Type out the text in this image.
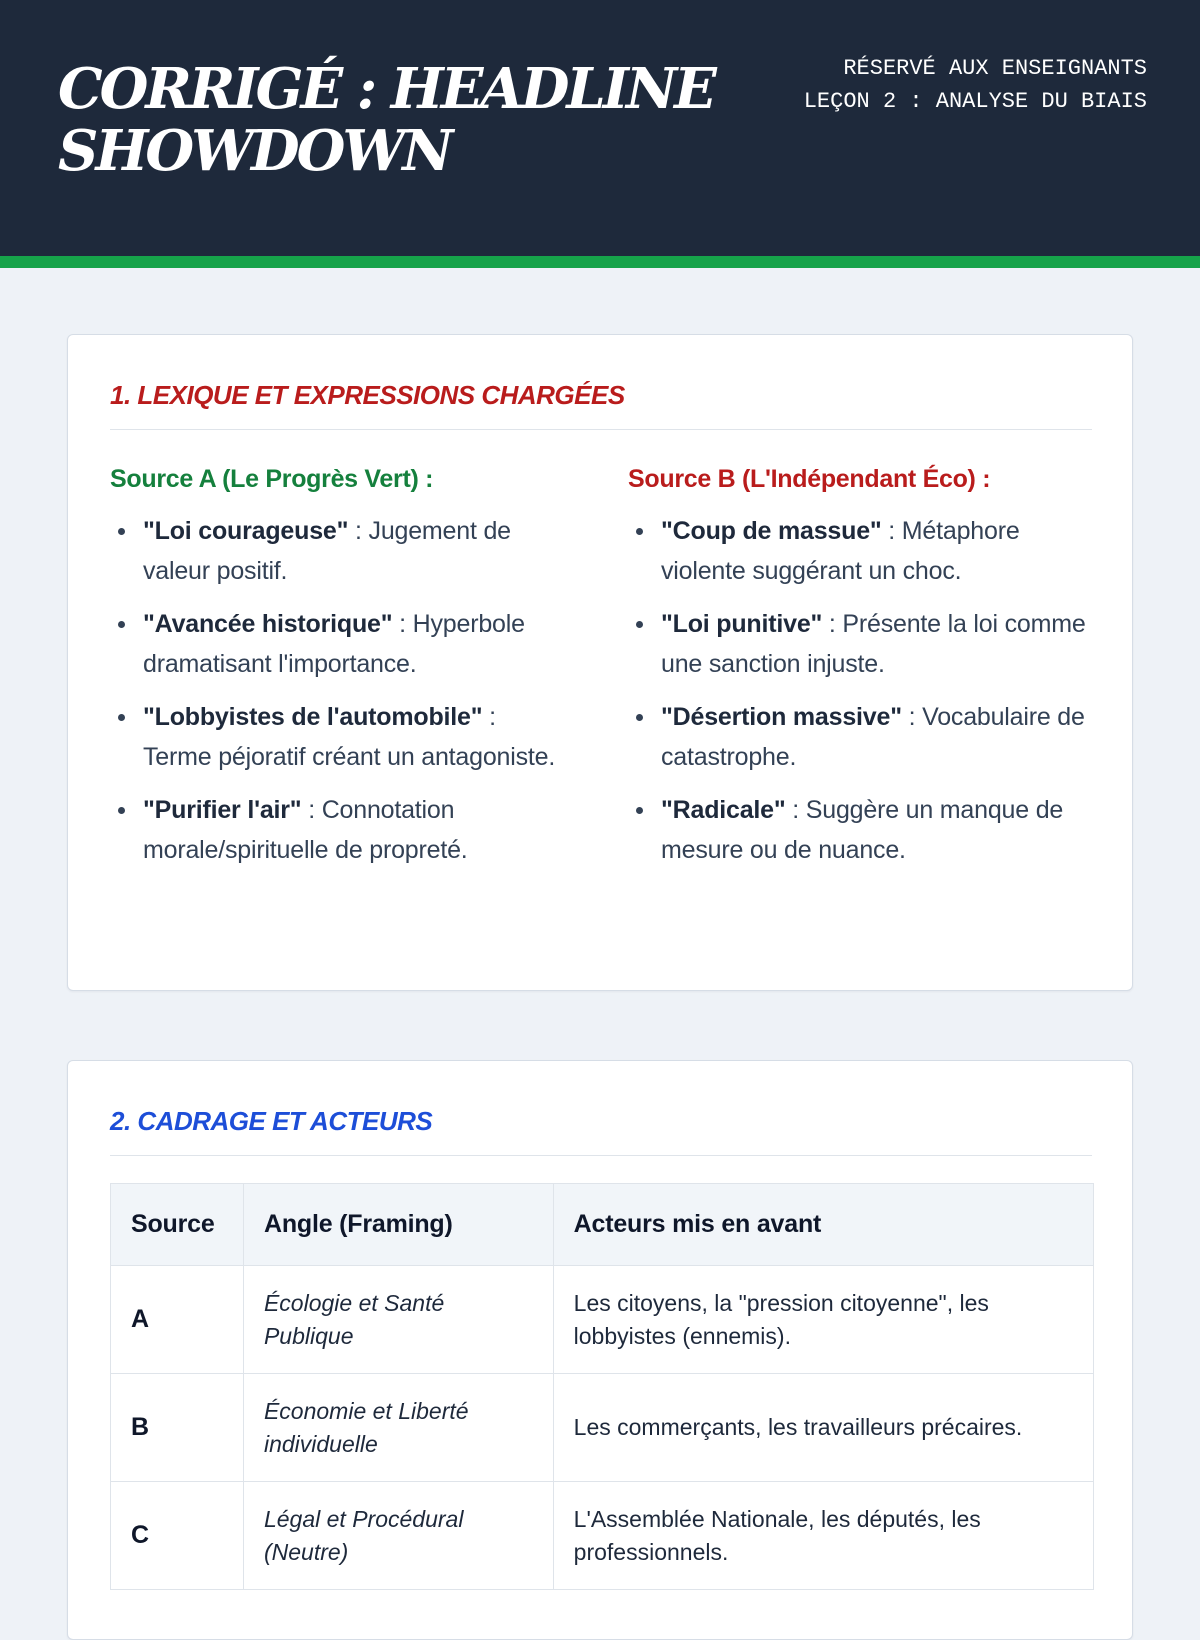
CORRIGÉ : HEADLINE SHOWDOWN
RÉSERVÉ AUX ENSEIGNANTS
LEÇON 2 : ANALYSE DU BIAIS
1. LEXIQUE ET EXPRESSIONS CHARGÉES
Source A (Le Progrès Vert) :
"Loi courageuse" : Jugement de valeur positif.
"Avancée historique" : Hyperbole dramatisant l'importance.
"Lobbyistes de l'automobile" : Terme péjoratif créant un antagoniste.
"Purifier l'air" : Connotation morale/spirituelle de propreté.
Source B (L'Indépendant Éco) :
"Coup de massue" : Métaphore violente suggérant un choc.
"Loi punitive" : Présente la loi comme une sanction injuste.
"Désertion massive" : Vocabulaire de catastrophe.
"Radicale" : Suggère un manque de mesure ou de nuance.
2. CADRAGE ET ACTEURS
Source	Angle (Framing)	Acteurs mis en avant
A	Écologie et Santé Publique	Les citoyens, la "pression citoyenne", les lobbyistes (ennemis).
B	Économie et Liberté individuelle	Les commerçants, les travailleurs précaires.
C	Légal et Procédural (Neutre)	L'Assemblée Nationale, les députés, les professionnels.
